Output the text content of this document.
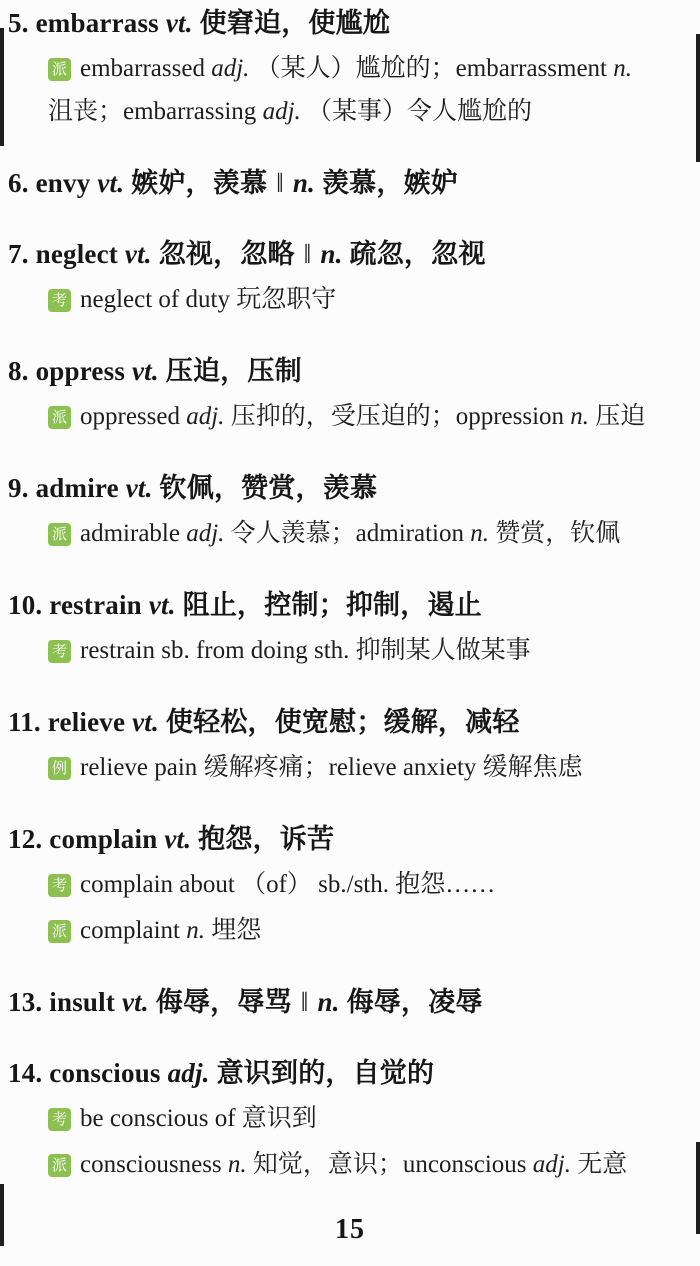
5. embarrass vt. 使窘迫，使尴尬
派 embarrassed adj. （某人）尴尬的；embarrassment n.
沮丧；embarrassing adj. （某事）令人尴尬的
6. envy vt. 嫉妒，羡慕 ‖ n. 羡慕，嫉妒
7. neglect vt. 忽视，忽略 ‖ n. 疏忽，忽视
考 neglect of duty 玩忽职守
8. oppress vt. 压迫，压制
派 oppressed adj. 压抑的，受压迫的；oppression n. 压迫
9. admire vt. 钦佩，赞赏，羡慕
派 admirable adj. 令人羡慕；admiration n. 赞赏，钦佩
10. restrain vt. 阻止，控制；抑制，遏止
考 restrain sb. from doing sth. 抑制某人做某事
11. relieve vt. 使轻松，使宽慰；缓解，减轻
例 relieve pain 缓解疼痛；relieve anxiety 缓解焦虑
12. complain vt. 抱怨，诉苦
考 complain about （of） sb./sth. 抱怨……
派 complaint n. 埋怨
13. insult vt. 侮辱，辱骂 ‖ n. 侮辱，凌辱
14. conscious adj. 意识到的，自觉的
考 be conscious of 意识到
派 consciousness n. 知觉，意识；unconscious adj. 无意
15
